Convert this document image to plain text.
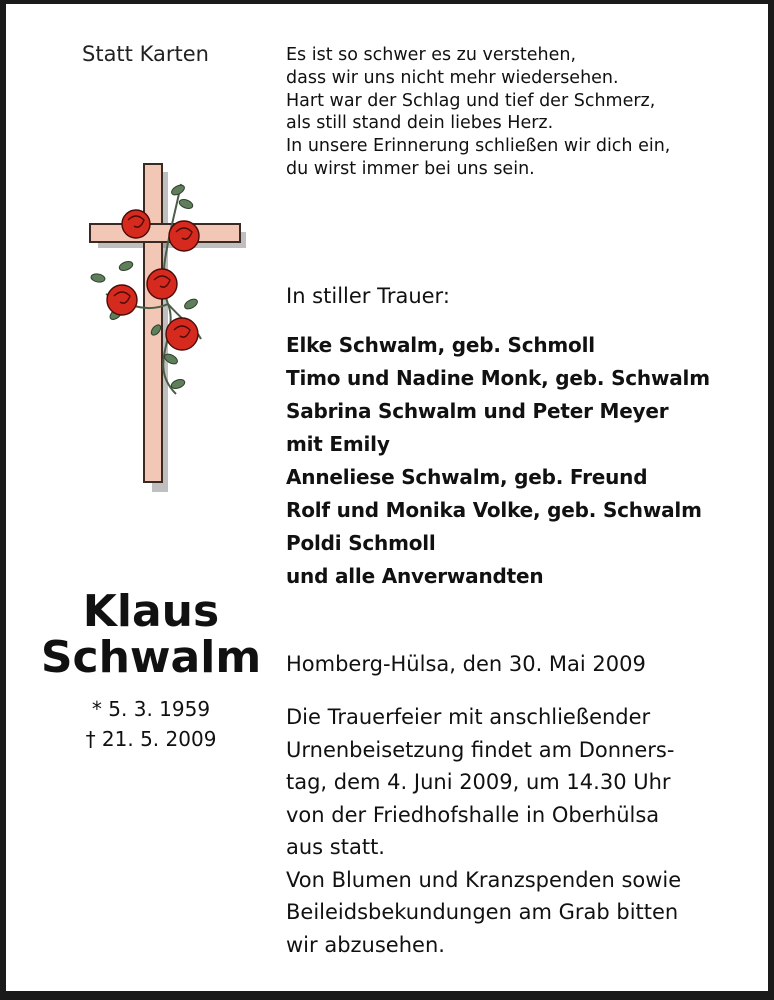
Statt Karten	Es ist so schwer es zu verstehen,
dass wir uns nicht mehr wiedersehen.
Hart war der Schlag und tief der Schmerz,
als still stand dein liebes Herz.
In unsere Erinnerung schließen wir dich ein,
du wirst immer bei uns sein.
In stiller Trauer:
Elke Schwalm, geb. Schmoll
Timo und Nadine Monk, geb. Schwalm
Sabrina Schwalm und Peter Meyer
mit Emily
Anneliese Schwalm, geb. Freund
Rolf und Monika Volke, geb. Schwalm
Poldi Schmoll
und alle Anverwandten
Klaus
Schwalm
* 5. 3. 1959
† 21. 5. 2009
Homberg-Hülsa, den 30. Mai 2009
Die Trauerfeier mit anschließender
Urnenbeisetzung findet am Donners-
tag, dem 4. Juni 2009, um 14.30 Uhr
von der Friedhofshalle in Oberhülsa
aus statt.
Von Blumen und Kranzspenden sowie
Beileidsbekundungen am Grab bitten
wir abzusehen.
